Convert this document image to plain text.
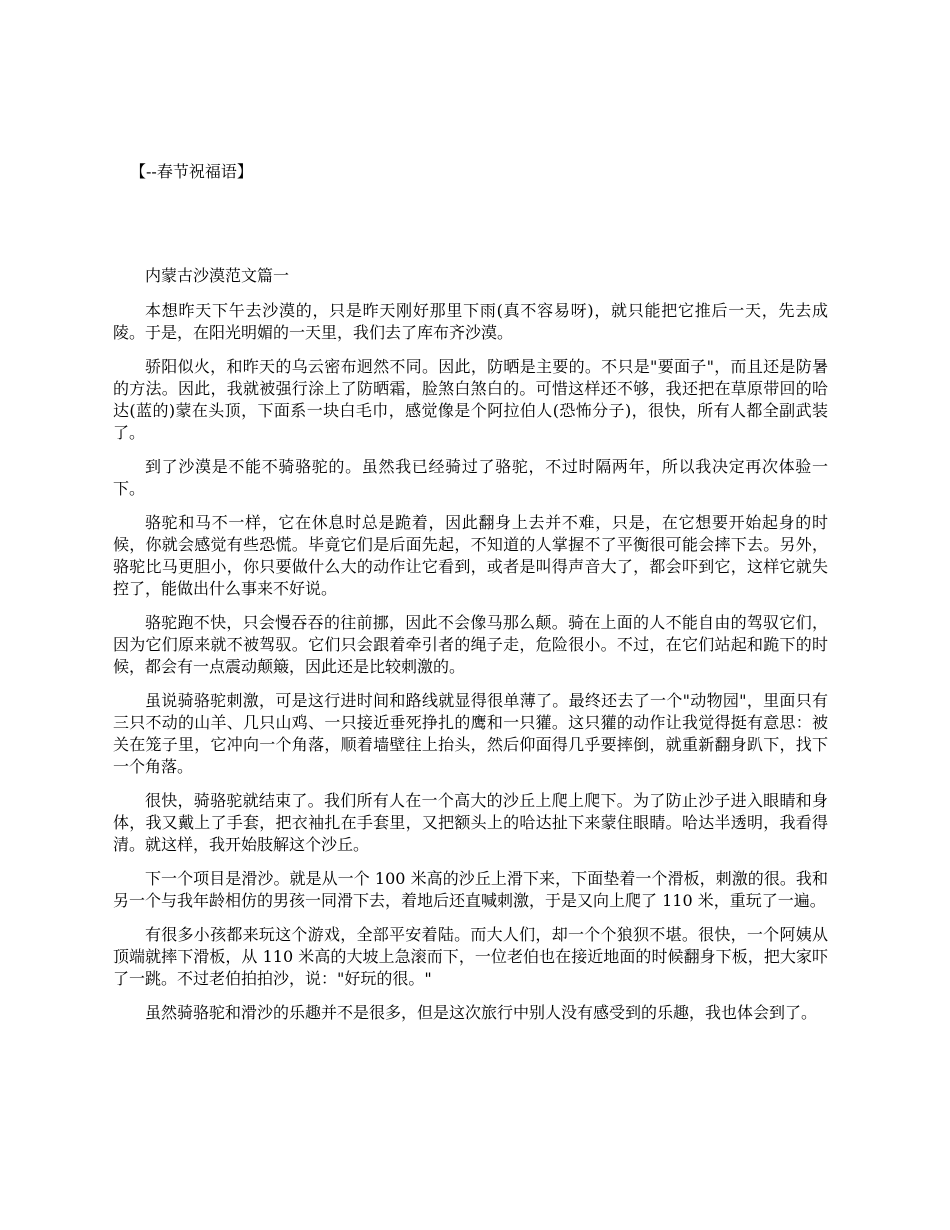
【--春节祝福语】

内蒙古沙漠范文篇一

本想昨天下午去沙漠的，只是昨天刚好那里下雨(真不容易呀)，就只能把它推后一天，先去成陵。于是，在阳光明媚的一天里，我们去了库布齐沙漠。

骄阳似火，和昨天的乌云密布迥然不同。因此，防晒是主要的。不只是"要面子"，而且还是防暑的方法。因此，我就被强行涂上了防晒霜，脸煞白煞白的。可惜这样还不够，我还把在草原带回的哈达(蓝的)蒙在头顶，下面系一块白毛巾，感觉像是个阿拉伯人(恐怖分子)，很快，所有人都全副武装了。

到了沙漠是不能不骑骆驼的。虽然我已经骑过了骆驼，不过时隔两年，所以我决定再次体验一下。

骆驼和马不一样，它在休息时总是跪着，因此翻身上去并不难，只是，在它想要开始起身的时候，你就会感觉有些恐慌。毕竟它们是后面先起，不知道的人掌握不了平衡很可能会摔下去。另外，骆驼比马更胆小，你只要做什么大的动作让它看到，或者是叫得声音大了，都会吓到它，这样它就失控了，能做出什么事来不好说。

骆驼跑不快，只会慢吞吞的往前挪，因此不会像马那么颠。骑在上面的人不能自由的驾驭它们，因为它们原来就不被驾驭。它们只会跟着牵引者的绳子走，危险很小。不过，在它们站起和跪下的时候，都会有一点震动颠簸，因此还是比较刺激的。

虽说骑骆驼刺激，可是这行进时间和路线就显得很单薄了。最终还去了一个"动物园"，里面只有三只不动的山羊、几只山鸡、一只接近垂死挣扎的鹰和一只獾。这只獾的动作让我觉得挺有意思：被关在笼子里，它冲向一个角落，顺着墙壁往上抬头，然后仰面得几乎要摔倒，就重新翻身趴下，找下一个角落。

很快，骑骆驼就结束了。我们所有人在一个高大的沙丘上爬上爬下。为了防止沙子进入眼睛和身体，我又戴上了手套，把衣袖扎在手套里，又把额头上的哈达扯下来蒙住眼睛。哈达半透明，我看得清。就这样，我开始肢解这个沙丘。

下一个项目是滑沙。就是从一个 100 米高的沙丘上滑下来，下面垫着一个滑板，刺激的很。我和另一个与我年龄相仿的男孩一同滑下去，着地后还直喊刺激，于是又向上爬了 110 米，重玩了一遍。

有很多小孩都来玩这个游戏，全部平安着陆。而大人们，却一个个狼狈不堪。很快，一个阿姨从顶端就摔下滑板，从 110 米高的大坡上急滚而下，一位老伯也在接近地面的时候翻身下板，把大家吓了一跳。不过老伯拍拍沙，说："好玩的很。"

虽然骑骆驼和滑沙的乐趣并不是很多，但是这次旅行中别人没有感受到的乐趣，我也体会到了。
